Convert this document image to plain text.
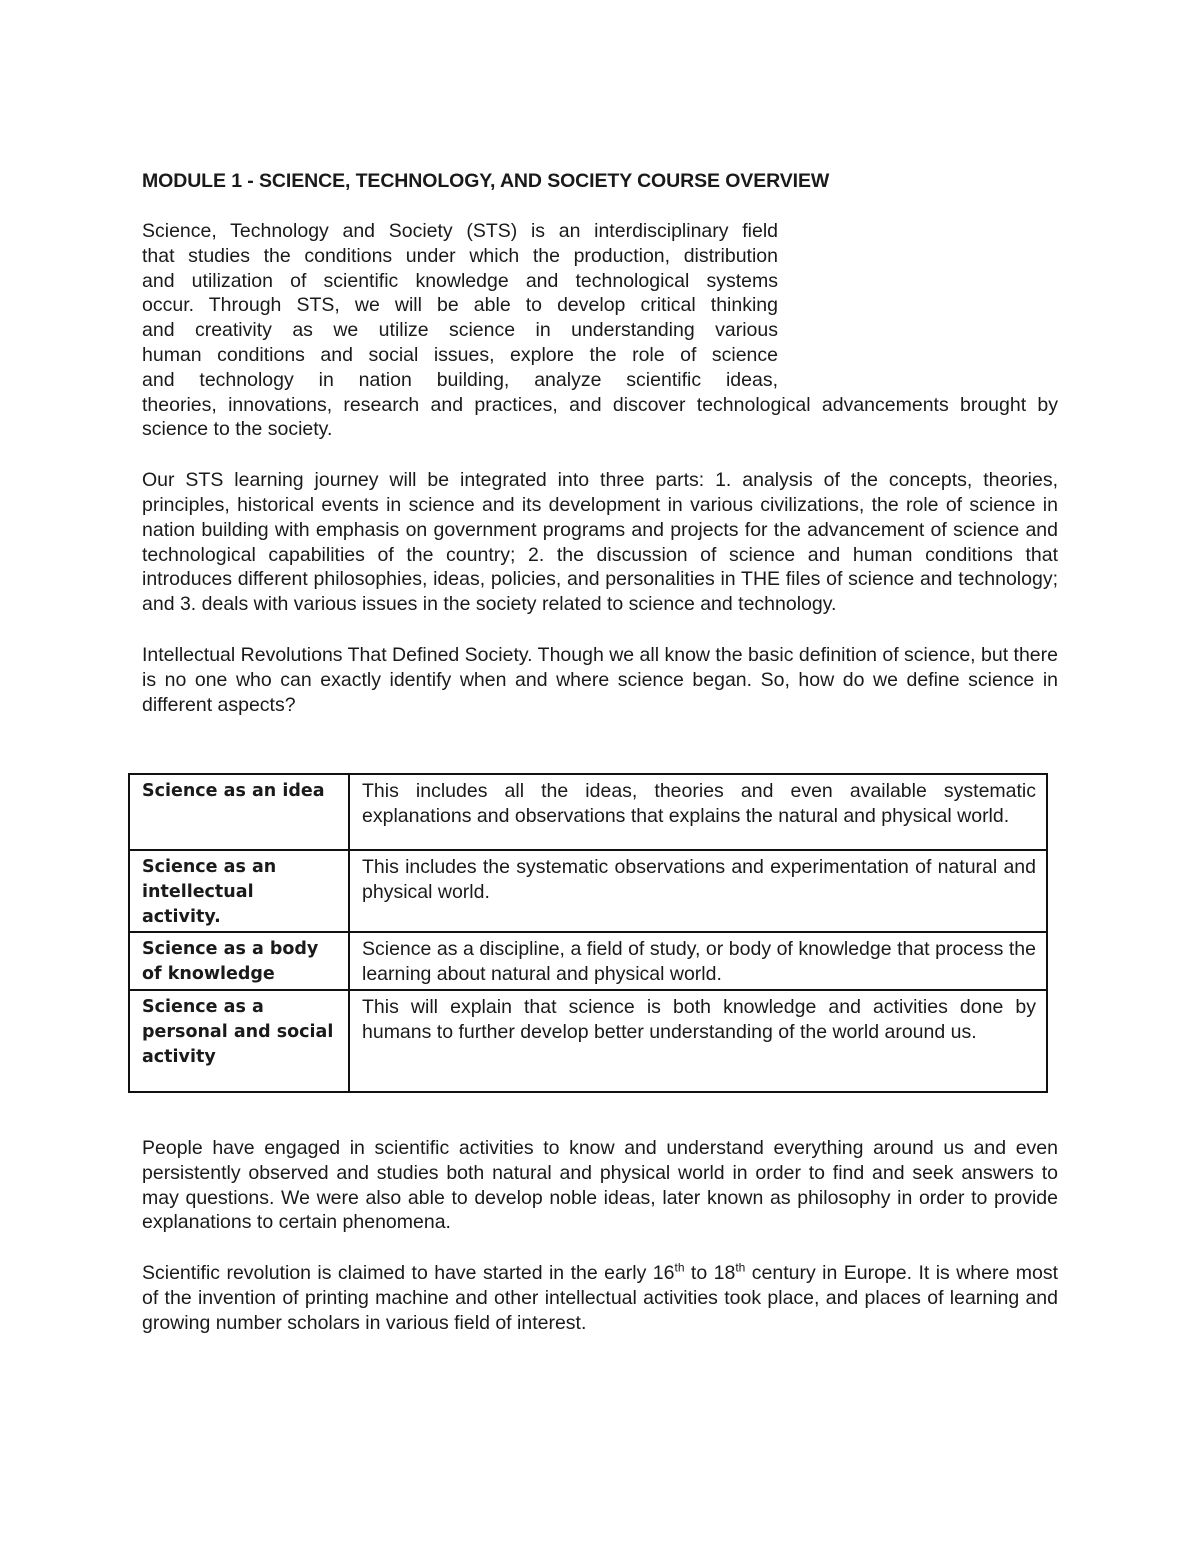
MODULE 1 - SCIENCE, TECHNOLOGY, AND SOCIETY COURSE OVERVIEW
Science, Technology and Society (STS) is an interdisciplinary field
that studies the conditions under which the production, distribution
and utilization of scientific knowledge and technological systems
occur. Through STS, we will be able to develop critical thinking
and creativity as we utilize science in understanding various
human conditions and social issues, explore the role of science
and technology in nation building, analyze scientific ideas,
theories, innovations, research and practices, and discover technological advancements brought by science to the society.
Our STS learning journey will be integrated into three parts: 1. analysis of the concepts, theories, principles, historical events in science and its development in various civilizations, the role of science in nation building with emphasis on government programs and projects for the advancement of science and technological capabilities of the country; 2. the discussion of science and human conditions that introduces different philosophies, ideas, policies, and personalities in THE files of science and technology; and 3. deals with various issues in the society related to science and technology.
Intellectual Revolutions That Defined Society. Though we all know the basic definition of science, but there is no one who can exactly identify when and where science began. So, how do we define science in different aspects?
Science as an idea	This includes all the ideas, theories and even available systematic explanations and observations that explains the natural and physical world.
Science as an intellectual activity.	This includes the systematic observations and experimentation of natural and physical world.
Science as a body of knowledge	Science as a discipline, a field of study, or body of knowledge that process the learning about natural and physical world.
Science as a personal and social activity	This will explain that science is both knowledge and activities done by humans to further develop better understanding of the world around us.
People have engaged in scientific activities to know and understand everything around us and even persistently observed and studies both natural and physical world in order to find and seek answers to may questions. We were also able to develop noble ideas, later known as philosophy in order to provide explanations to certain phenomena.
Scientific revolution is claimed to have started in the early 16th to 18th century in Europe. It is where most of the invention of printing machine and other intellectual activities took place, and places of learning and growing number scholars in various field of interest.
